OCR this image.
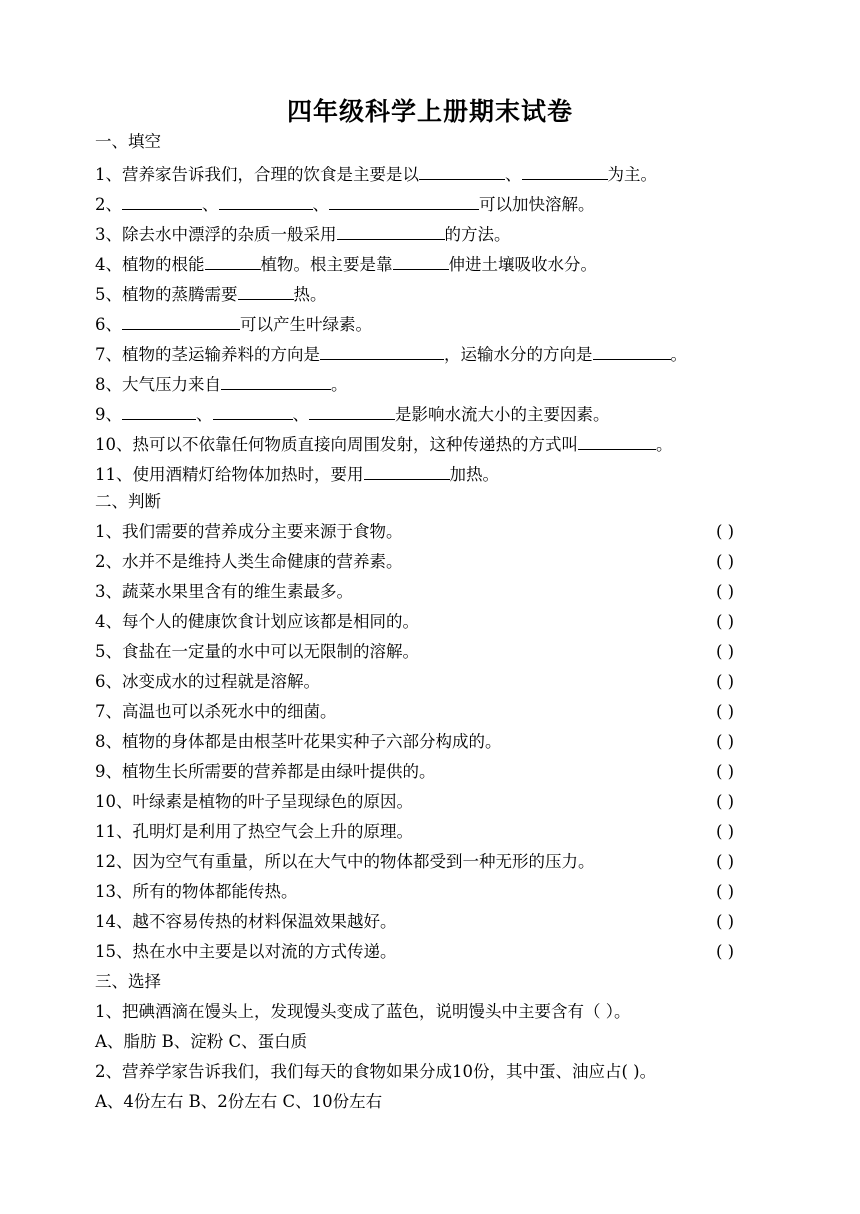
四年级科学上册期末试卷
一、填空
1、营养家告诉我们，合理的饮食是主要是以	、	为主。
2、	、	、	可以加快溶解。
3、除去水中漂浮的杂质一般采用	的方法。
4、植物的根能	植物。根主要是靠	伸进土壤吸收水分。
5、植物的蒸腾需要	热。
6、	可以产生叶绿素。
7、植物的茎运输养料的方向是	，运输水分的方向是	。
8、大气压力来自	。
9、	、	、	是影响水流大小的主要因素。
10、热可以不依靠任何物质直接向周围发射，这种传递热的方式叫	。
11、使用酒精灯给物体加热时，要用	加热。
二、判断
1、我们需要的营养成分主要来源于食物。	( )
2、水并不是维持人类生命健康的营养素。	( )
3、蔬菜水果里含有的维生素最多。	( )
4、每个人的健康饮食计划应该都是相同的。	( )
5、食盐在一定量的水中可以无限制的溶解。	( )
6、冰变成水的过程就是溶解。	( )
7、高温也可以杀死水中的细菌。	( )
8、植物的身体都是由根茎叶花果实种子六部分构成的。	( )
9、植物生长所需要的营养都是由绿叶提供的。	( )
10、叶绿素是植物的叶子呈现绿色的原因。	( )
11、孔明灯是利用了热空气会上升的原理。	( )
12、因为空气有重量，所以在大气中的物体都受到一种无形的压力。	( )
13、所有的物体都能传热。	( )
14、越不容易传热的材料保温效果越好。	( )
15、热在水中主要是以对流的方式传递。	( )
三、选择
1、把碘酒滴在馒头上，发现馒头变成了蓝色，说明馒头中主要含有（ ）。
A、脂肪 B、淀粉 C、蛋白质
2、营养学家告诉我们，我们每天的食物如果分成10份，其中蛋、油应占( )。
A、4份左右 B、2份左右 C、10份左右
